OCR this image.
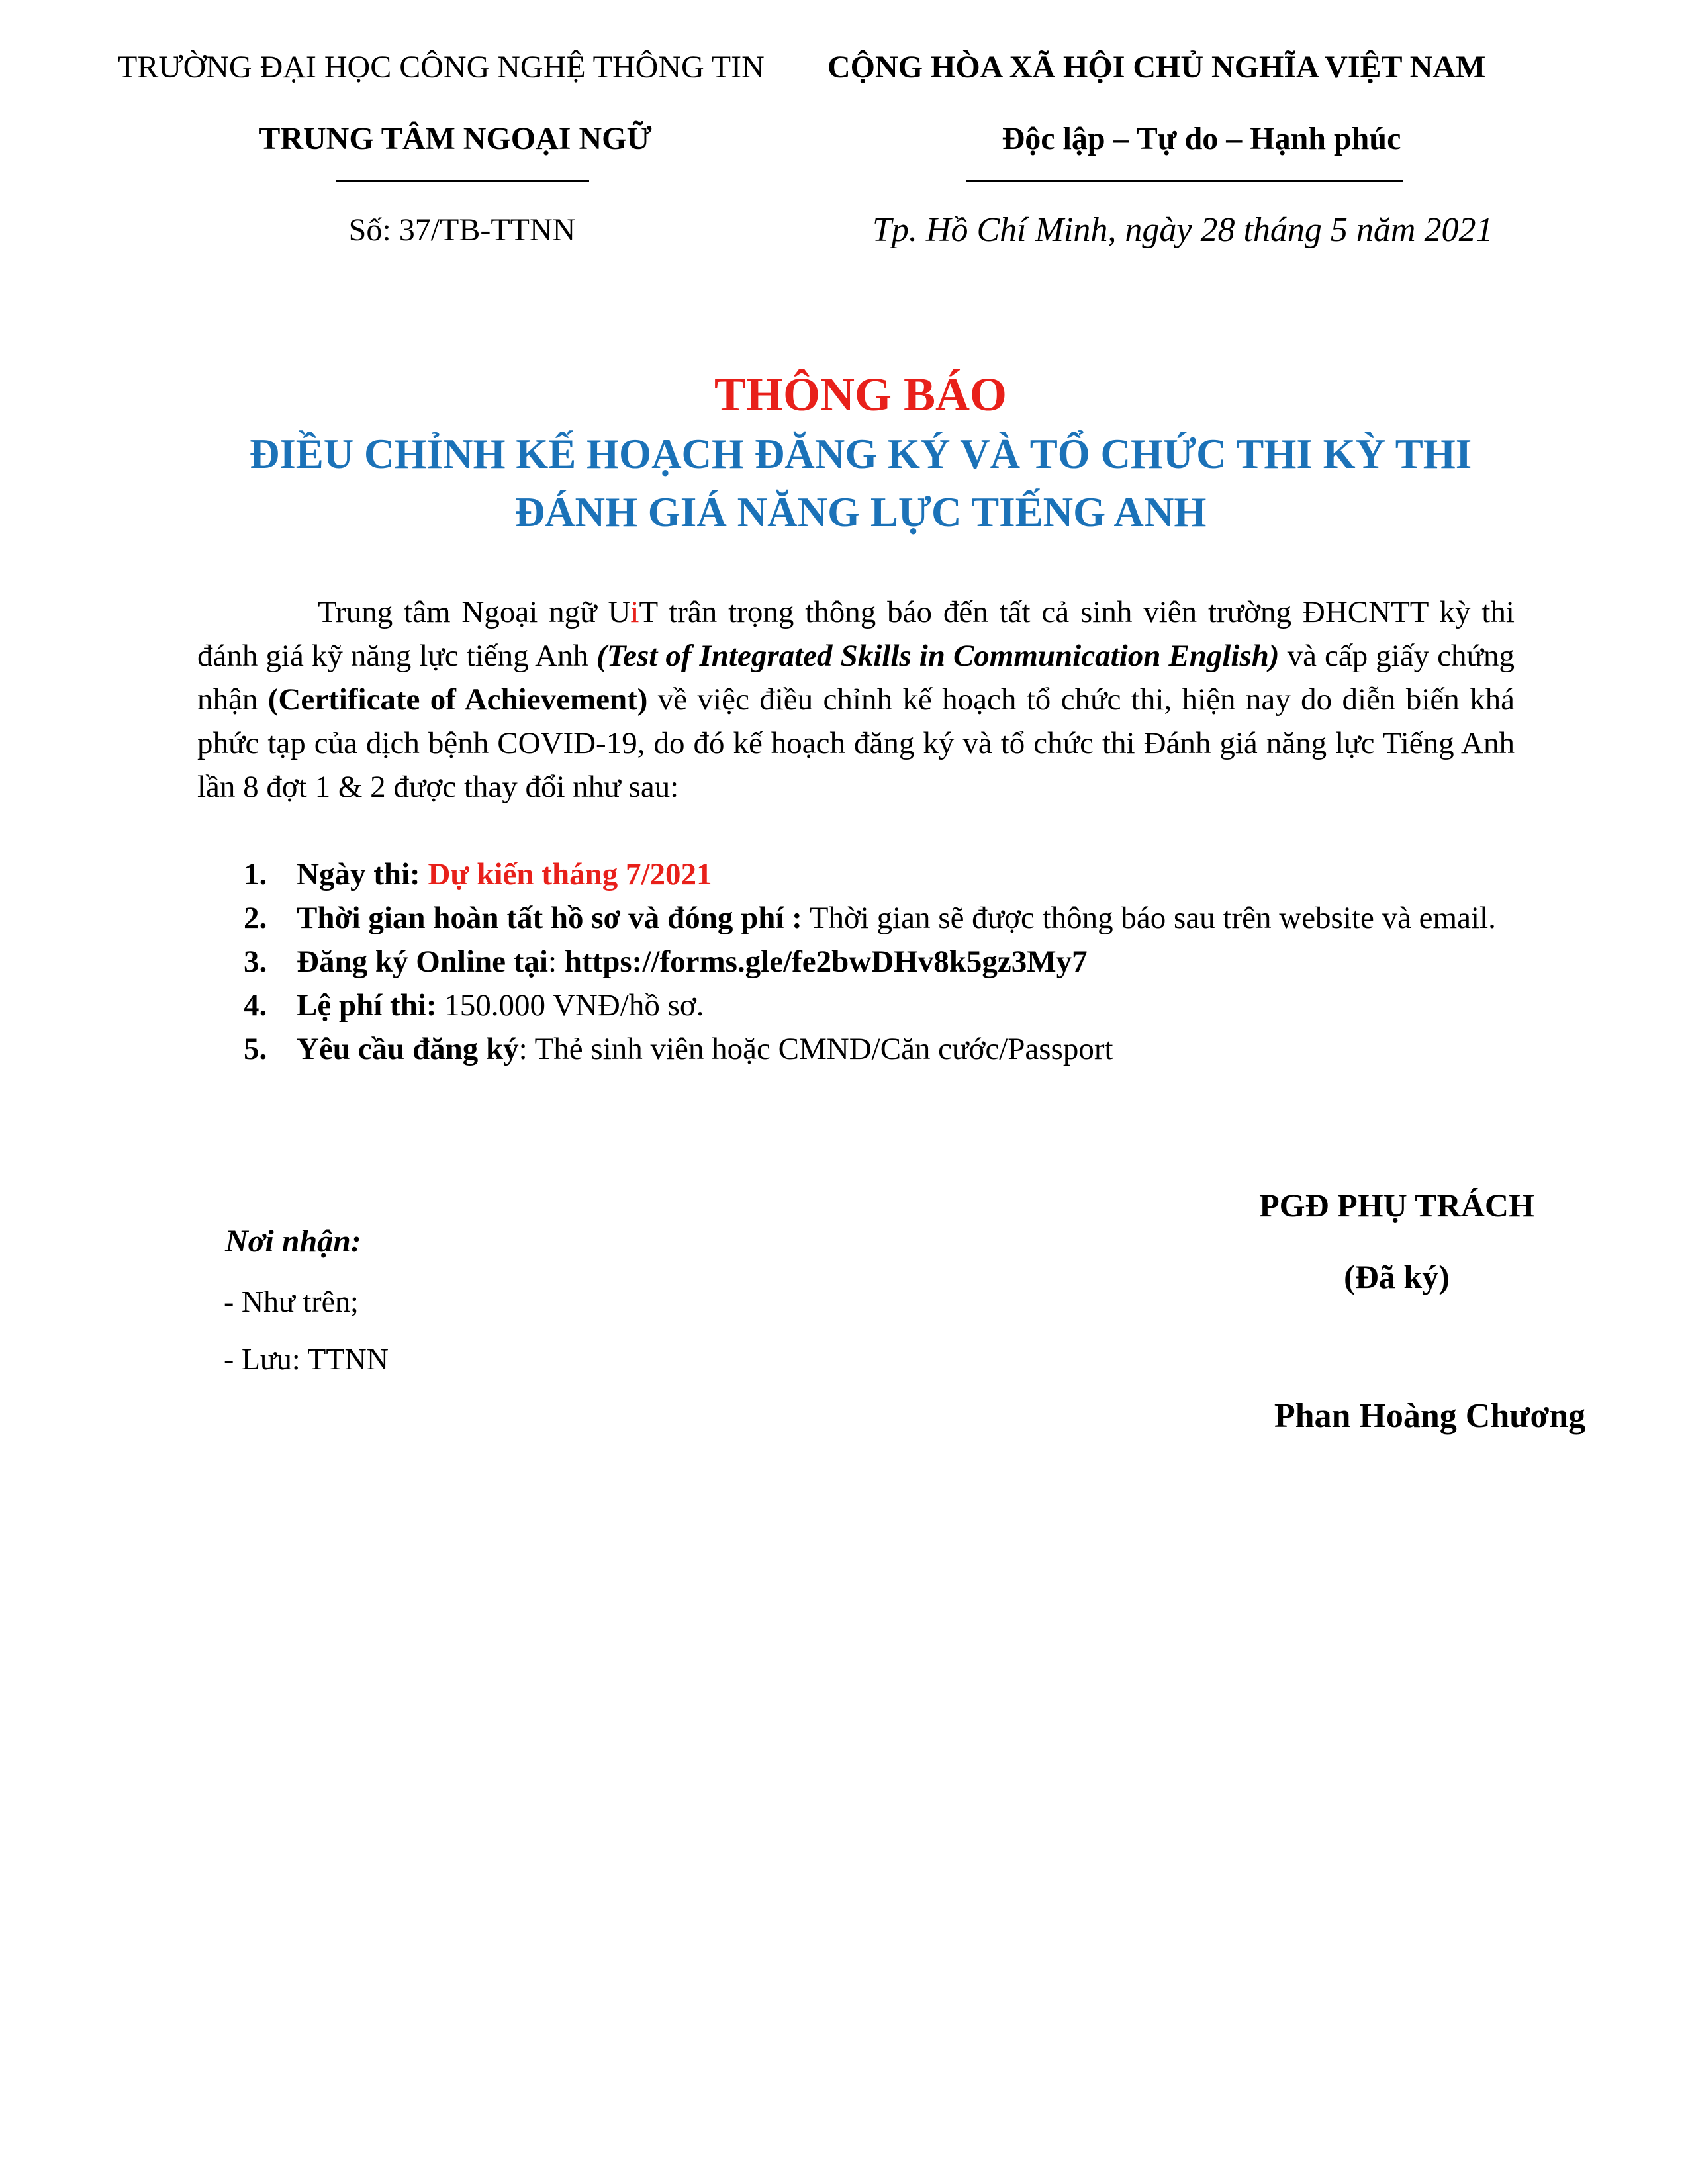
TRƯỜNG ĐẠI HỌC CÔNG NGHỆ THÔNG TIN
TRUNG TÂM NGOẠI NGỮ
Số: 37/TB-TTNN
CỘNG HÒA XÃ HỘI CHỦ NGHĨA VIỆT NAM
Độc lập – Tự do – Hạnh phúc
Tp. Hồ Chí Minh, ngày 28 tháng 5 năm 2021
THÔNG BÁO
ĐIỀU CHỈNH KẾ HOẠCH ĐĂNG KÝ VÀ TỔ CHỨC THI KỲ THI
ĐÁNH GIÁ NĂNG LỰC TIẾNG ANH

Trung tâm Ngoại ngữ UiT trân trọng thông báo đến tất cả sinh viên trường ĐHCNTT kỳ thi đánh giá kỹ năng lực tiếng Anh (Test of Integrated Skills in Communication English) và cấp giấy chứng nhận (Certificate of Achievement) về việc điều chỉnh kế hoạch tổ chức thi, hiện nay do diễn biến khá phức tạp của dịch bệnh COVID-19, do đó kế hoạch đăng ký và tổ chức thi Đánh giá năng lực Tiếng Anh lần 8 đợt 1 & 2 được thay đổi như sau:

1. Ngày thi: Dự kiến tháng 7/2021
2. Thời gian hoàn tất hồ sơ và đóng phí : Thời gian sẽ được thông báo sau trên website và email.
3. Đăng ký Online tại: https://forms.gle/fe2bwDHv8k5gz3My7
4. Lệ phí thi: 150.000 VNĐ/hồ sơ.
5. Yêu cầu đăng ký: Thẻ sinh viên hoặc CMND/Căn cước/Passport
PGĐ PHỤ TRÁCH
(Đã ký)
Phan Hoàng Chương
Nơi nhận:
- Như trên;
- Lưu: TTNN
